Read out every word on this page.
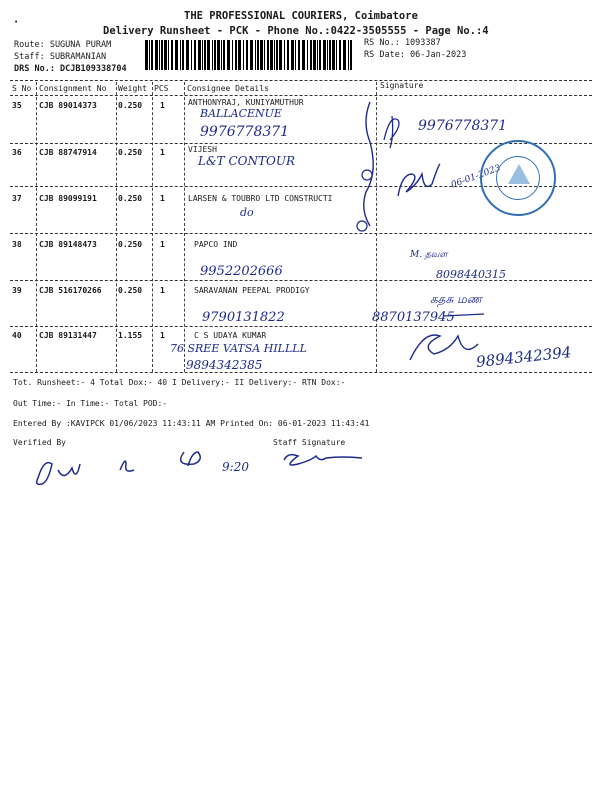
THE PROFESSIONAL COURIERS, Coimbatore
Delivery Runsheet - PCK - Phone No.:0422-3505555 - Page No.:4
•
Route: SUGUNA PURAM
Staff: SUBRAMANIAN
DRS No.: DCJB109338704
RS No.: 1093387
RS Date: 06-Jan-2023
S No Consignment No Weight PCS Consignee Details	Signature
35 CJB 89014373	0.250 1	ANTHONYRAJ, KUNIYAMUTHUR
BALLACENUE
9976778371	9976778371
36 CJB 88747914	0.250 1	VIJESH
L&T CONTOUR
06-01-2023
37 CJB 89099191	0.250 1	LARSEN & TOUBRO LTD CONSTRUCTI
do
38 CJB 89148473	0.250 1	PAPCO IND
9952202666
M. தவள
8098440315
39 CJB 516170266 0.250 1	SARAVANAN PEEPAL PRODIGY
9790131822
கதசு மண
8870137945
40 CJB 89131447	1.155 1	C S UDAYA KUMAR
76 SREE VATSA HILLLL
9894342385	9894342394
9:20
Tot. Runsheet:- 4 Total Dox:- 40 I Delivery:- II Delivery:- RTN Dox:-
Out Time:- In Time:- Total POD:-
Entered By :KAVIPCK 01/06/2023 11:43:11 AM Printed On: 06-01-2023 11:43:41
Verified By	Staff Signature
